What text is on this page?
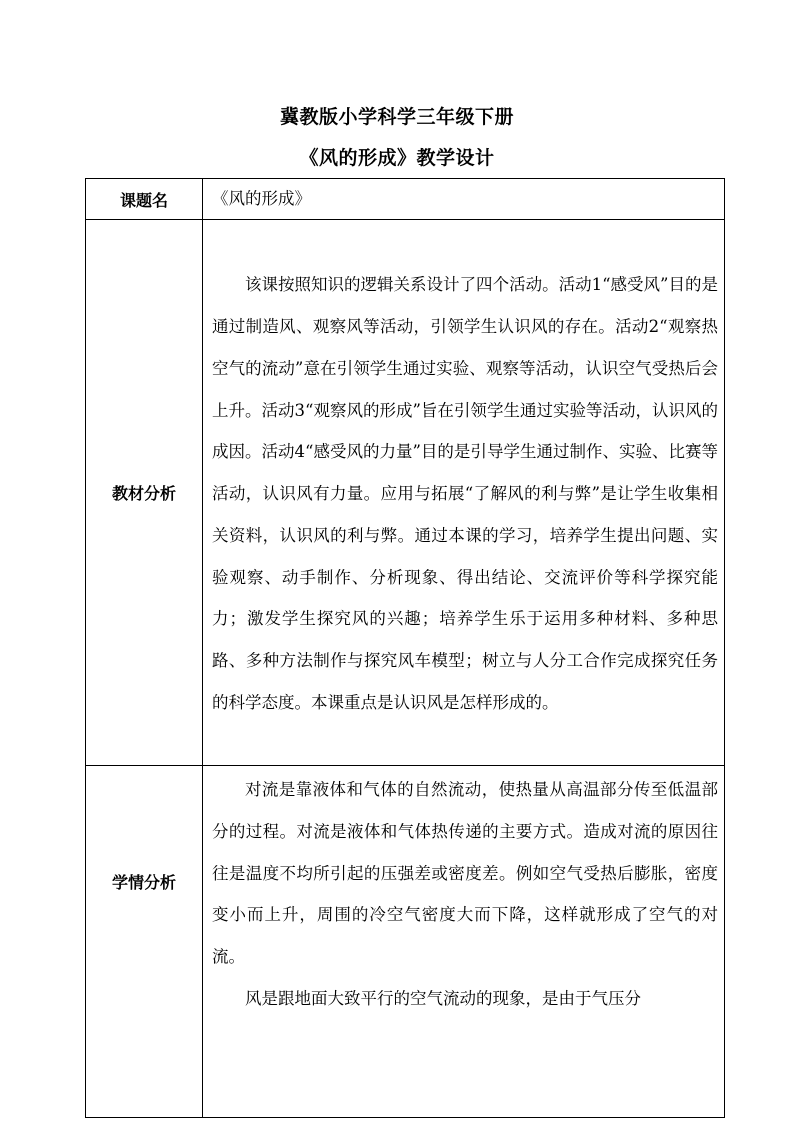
冀教版小学科学三年级下册
《风的形成》教学设计
课题名	《风的形成》
教材分析	该课按照知识的逻辑关系设计了四个活动。活动1“感受风”目的是通过制造风、观察风等活动，引领学生认识风的存在。活动2“观察热空气的流动”意在引领学生通过实验、观察等活动，认识空气受热后会上升。活动3“观察风的形成”旨在引领学生通过实验等活动，认识风的成因。活动4“感受风的力量”目的是引导学生通过制作、实验、比赛等活动，认识风有力量。应用与拓展“了解风的利与弊”是让学生收集相关资料，认识风的利与弊。通过本课的学习，培养学生提出问题、实验观察、动手制作、分析现象、得出结论、交流评价等科学探究能力；激发学生探究风的兴趣；培养学生乐于运用多种材料、多种思路、多种方法制作与探究风车模型；树立与人分工合作完成探究任务的科学态度。本课重点是认识风是怎样形成的。

学情分析	对流是靠液体和气体的自然流动，使热量从高温部分传至低温部分的过程。对流是液体和气体热传递的主要方式。造成对流的原因往往是温度不均所引起的压强差或密度差。例如空气受热后膨胀，密度变小而上升，周围的冷空气密度大而下降，这样就形成了空气的对流。

风是跟地面大致平行的空气流动的现象，是由于气压分
